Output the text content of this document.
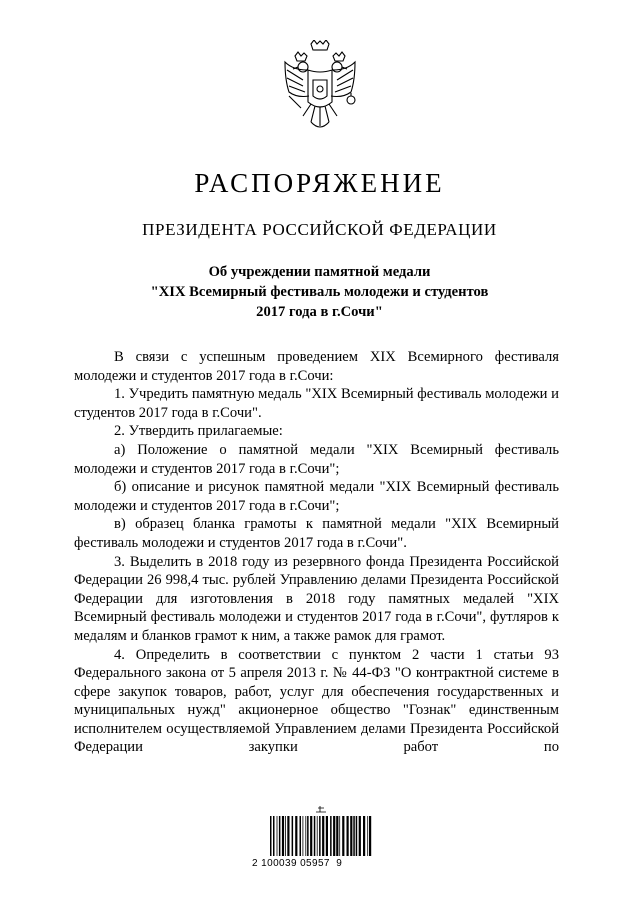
РАСПОРЯЖЕНИЕ
ПРЕЗИДЕНТА РОССИЙСКОЙ ФЕДЕРАЦИИ
Об учреждении памятной медали
"XIX Всемирный фестиваль молодежи и студентов
2017 года в г.Сочи"

В связи с успешным проведением XIX Всемирного фестиваля молодежи и студентов 2017 года в г.Сочи:

1. Учредить памятную медаль "XIX Всемирный фестиваль молодежи и студентов 2017 года в г.Сочи".

2. Утвердить прилагаемые:

а) Положение о памятной медали "XIX Всемирный фестиваль молодежи и студентов 2017 года в г.Сочи";

б) описание и рисунок памятной медали "XIX Всемирный фестиваль молодежи и студентов 2017 года в г.Сочи";

в) образец бланка грамоты к памятной медали "XIX Всемирный фестиваль молодежи и студентов 2017 года в г.Сочи".

3. Выделить в 2018 году из резервного фонда Президента Российской Федерации 26 998,4 тыс. рублей Управлению делами Президента Российской Федерации для изготовления в 2018 году памятных медалей "XIX Всемирный фестиваль молодежи и студентов 2017 года в г.Сочи", футляров к медалям и бланков грамот к ним, а также рамок для грамот.

4. Определить в соответствии с пунктом 2 части 1 статьи 93 Федерального закона от 5 апреля 2013 г. № 44-ФЗ "О контрактной системе в сфере закупок товаров, работ, услуг для обеспечения государственных и муниципальных нужд" акционерное общество "Гознак" единственным исполнителем осуществляемой Управлением делами Президента Российской Федерации закупки работ по

2 100039 05957  9
